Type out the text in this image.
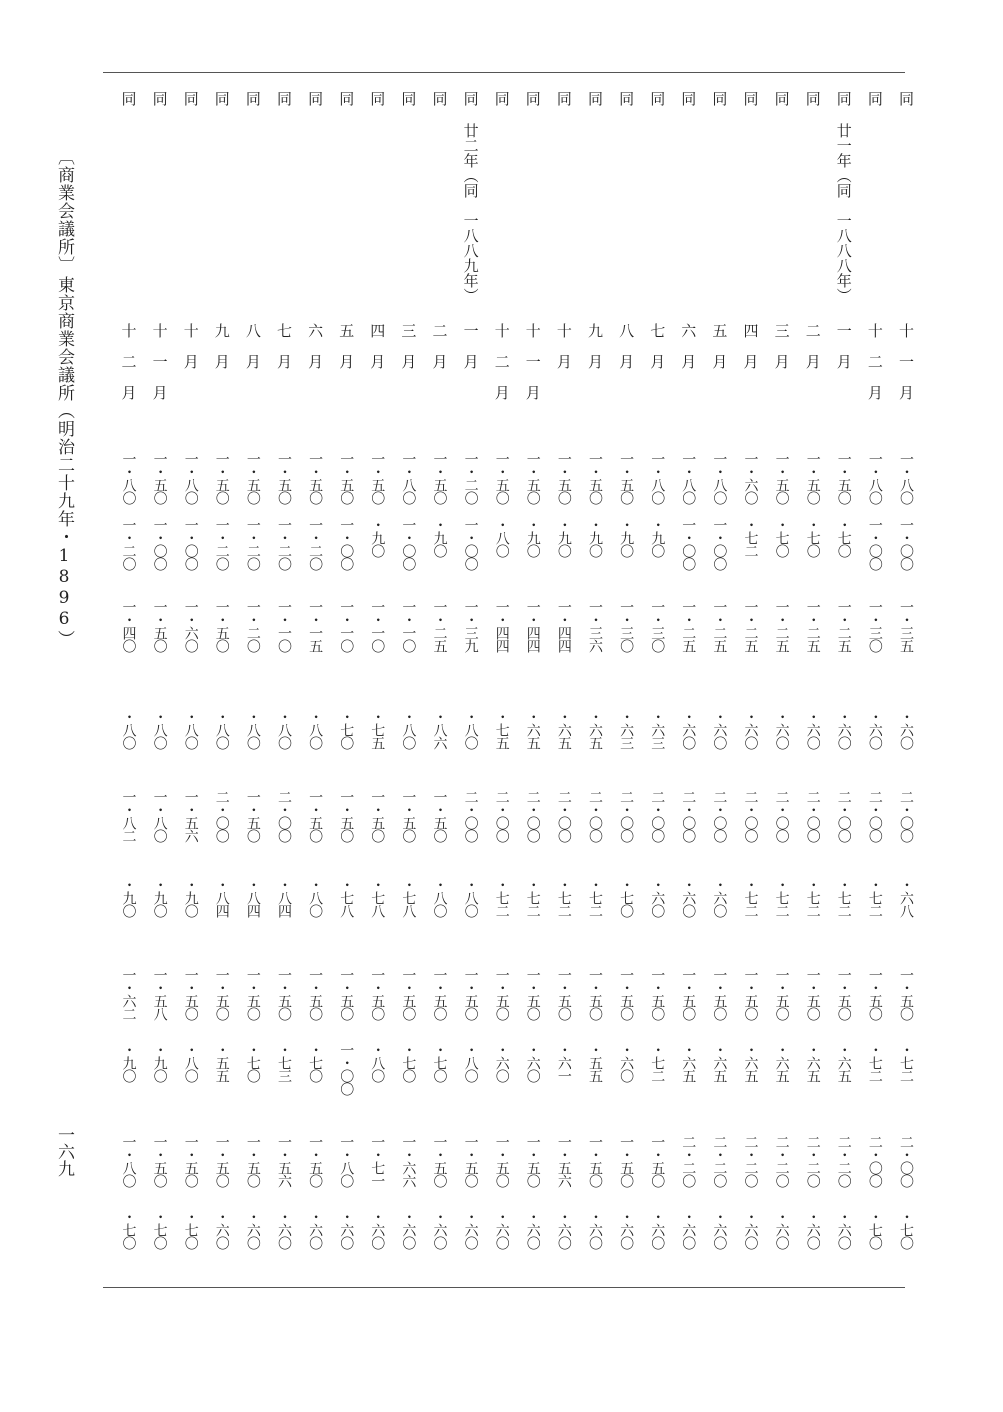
〔商業会議所〕
東京商業会議所（明治二十九年・1896）
一六九
同
十一月
一・八〇
一・〇〇
一・三五
・六〇
二・〇〇
・六八
一・五〇
・七二
二・〇〇
・七〇
同
十二月
一・八〇
一・〇〇
一・三〇
・六〇
二・〇〇
・七二
一・五〇
・七二
二・〇〇
・七〇
同
廿一年（同　一八八八年）
一月
一・五〇
・七〇
一・二五
・六〇
二・〇〇
・七二
一・五〇
・六五
二・二〇
・六〇
同
二月
一・五〇
・七〇
一・二五
・六〇
二・〇〇
・七二
一・五〇
・六五
二・二〇
・六〇
同
三月
一・五〇
・七〇
一・二五
・六〇
二・〇〇
・七二
一・五〇
・六五
二・二〇
・六〇
同
四月
一・六〇
・七二
一・二五
・六〇
二・〇〇
・七二
一・五〇
・六五
二・二〇
・六〇
同
五月
一・八〇
一・〇〇
一・二五
・六〇
二・〇〇
・六〇
一・五〇
・六五
二・二〇
・六〇
同
六月
一・八〇
一・〇〇
一・二五
・六〇
二・〇〇
・六〇
一・五〇
・六五
二・二〇
・六〇
同
七月
一・八〇
・九〇
一・三〇
・六三
二・〇〇
・六〇
一・五〇
・七二
一・五〇
・六〇
同
八月
一・五〇
・九〇
一・三〇
・六三
二・〇〇
・七〇
一・五〇
・六〇
一・五〇
・六〇
同
九月
一・五〇
・九〇
一・三六
・六五
二・〇〇
・七二
一・五〇
・五五
一・五〇
・六〇
同
十月
一・五〇
・九〇
一・四四
・六五
二・〇〇
・七二
一・五〇
・六一
一・五六
・六〇
同
十一月
一・五〇
・九〇
一・四四
・六五
二・〇〇
・七二
一・五〇
・六〇
一・五〇
・六〇
同
十二月
一・五〇
・八〇
一・四四
・七五
二・〇〇
・七二
一・五〇
・六〇
一・五〇
・六〇
同
廿二年（同　一八八九年）
一月
一・二〇
一・〇〇
一・三九
・八〇
二・〇〇
・八〇
一・五〇
・八〇
一・五〇
・六〇
同
二月
一・五〇
・九〇
一・二五
・八六
一・五〇
・八〇
一・五〇
・七〇
一・五〇
・六〇
同
三月
一・八〇
一・〇〇
一・一〇
・八〇
一・五〇
・七八
一・五〇
・七〇
一・六六
・六〇
同
四月
一・五〇
・九〇
一・一〇
・七五
一・五〇
・七八
一・五〇
・八〇
一・七一
・六〇
同
五月
一・五〇
一・〇〇
一・一〇
・七〇
一・五〇
・七八
一・五〇
一・〇〇
一・八〇
・六〇
同
六月
一・五〇
一・二〇
一・一五
・八〇
一・五〇
・八〇
一・五〇
・七〇
一・五〇
・六〇
同
七月
一・五〇
一・二〇
一・一〇
・八〇
二・〇〇
・八四
一・五〇
・七三
一・五六
・六〇
同
八月
一・五〇
一・二〇
一・二〇
・八〇
一・五〇
・八四
一・五〇
・七〇
一・五〇
・六〇
同
九月
一・五〇
一・二〇
一・五〇
・八〇
二・〇〇
・八四
一・五〇
・五五
一・五〇
・六〇
同
十月
一・八〇
一・〇〇
一・六〇
・八〇
一・五六
・九〇
一・五〇
・八〇
一・五〇
・七〇
同
十一月
一・五〇
一・〇〇
一・五〇
・八〇
一・八〇
・九〇
一・五八
・九〇
一・五〇
・七〇
同
十二月
一・八〇
一・二〇
一・四〇
・八〇
一・八二
・九〇
一・六二
・九〇
一・八〇
・七〇
